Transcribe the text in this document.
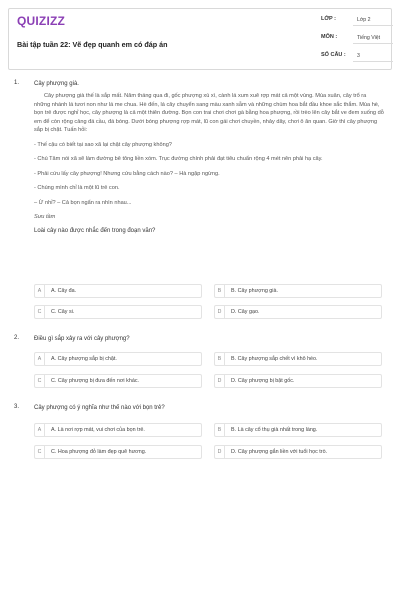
QUIZIZZ
Bài tập tuần 22: Vẽ đẹp quanh em có đáp án
LỚP :	Lớp 2
MÔN :	Tiếng Việt
SỐ CÂU :	3
1. Cây phượng già.

Cây phượng già thế là sắp mất. Năm tháng qua đi, gốc phượng xù xì, cành lá xum xuê rợp mát cả một vùng. Mùa xuân, cây trổ ra những nhánh lá tươi non như lá me chua. Hè đến, lá cây chuyển sang màu xanh sẫm và những chùm hoa bắt đầu khoe sắc thắm. Mùa hè, bọn trẻ được nghỉ học, cây phượng là cả một thiên đường. Bọn con trai chơi chơi gà bằng hoa phượng, rồi trèo lên cây bắt ve đem xuống dỗ em để còn rộng cảng đá cầu, đá bóng. Dưới bóng phượng rợp mát, lũ con gái chơi chuyền, nhảy dây, chơi ô ăn quan. Giờ thì cây phượng sắp bị chặt. Tuấn hỏi:

- Thế cậu có biết tại sao xã lại chặt cây phượng không?

- Chú Tâm nói xã sẽ làm đường bê tông liền xóm. Trục đường chính phải đạt tiêu chuẩn rộng 4 mét nên phải hạ cây.

- Phải cứu lấy cây phượng! Nhưng cứu bằng cách nào? – Hà ngập ngừng.

- Chúng mình chỉ là một lũ trẻ con.

– Ừ nhỉ? – Cả bọn ngẩn ra nhìn nhau...

Sưu tầm

Loài cây nào được nhắc đến trong đoạn văn?
A	A. Cây đa.	B	B. Cây phượng già.
C	C. Cây si.	D	D. Cây gạo.
2. Điều gì sắp xảy ra với cây phượng?
A	A. Cây phượng sắp bị chặt.	B	B. Cây phượng sắp chết vì khô héo.
C	C. Cây phượng bị đưa đến nơi khác.	D	D. Cây phượng bị bật gốc.
3. Cây phượng có ý nghĩa như thế nào với bọn trẻ?
A	A. Là nơi rợp mát, vui chơi của bọn trẻ.	B	B. Là cây cổ thụ già nhất trong làng.
C	C. Hoa phượng đỏ làm đẹp quê hương.	D	D. Cây phượng gắn liền với tuổi học trò.
